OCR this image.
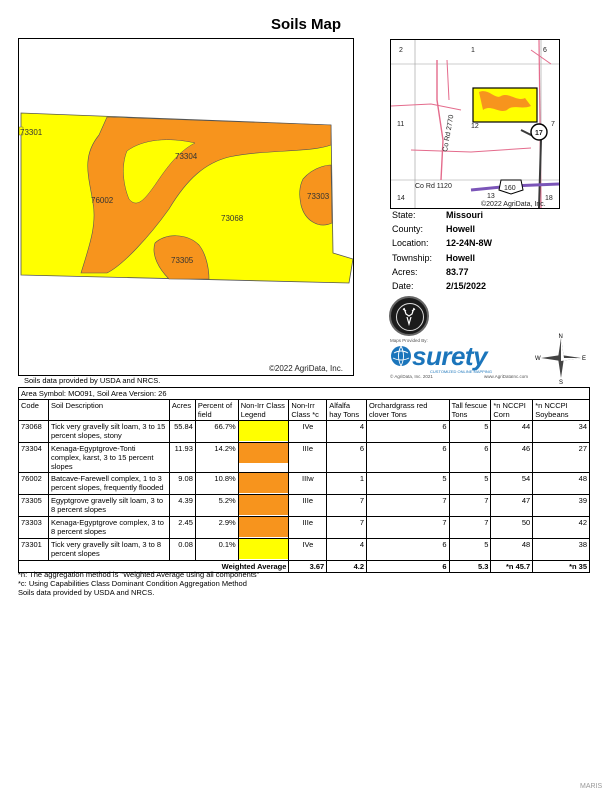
Soils Map
73301
73304
76002
73068
73305
73303
©2022 AgriData, Inc.
2	1	6
11	12	7
14	13	18
Co Rd 2770
Co Rd 1120
17
160
©2022 AgriData, Inc.
State:	Missouri
County:	Howell
Location:	12-24N-8W
Township:	Howell
Acres:	83.77
Date:	2/15/2022
Maps Provided By:
surety
CUSTOMIZED ONLINE MAPPING
© AgriData, Inc. 2021	www.AgriDataInc.com
N
S
E
W
Soils data provided by USDA and NRCS.
Area Symbol: MO091, Soil Area Version: 26										
Code	Soil Description	Acres	Percent of field	Non-Irr Class Legend	Non-Irr Class *c	Alfalfa hay Tons	Orchardgrass red clover Tons	Tall fescue Tons	*n NCCPI Corn	*n NCCPI Soybeans
73068	Tick very gravelly silt loam, 3 to 15 percent slopes, stony	55.84	66.7%		IVe	4	6	5	44	34
73304	Kenaga-Egyptgrove-Tonti complex, karst, 3 to 15 percent slopes	11.93	14.2%		IIIe	6	6	6	46	27
76002	Batcave-Farewell complex, 1 to 3 percent slopes, frequently flooded	9.08	10.8%		IIIw	1	5	5	54	48
73305	Egyptgrove gravelly silt loam, 3 to 8 percent slopes	4.39	5.2%		IIIe	7	7	7	47	39
73303	Kenaga-Egyptgrove complex, 3 to 8 percent slopes	2.45	2.9%		IIIe	7	7	7	50	42
73301	Tick very gravelly silt loam, 3 to 8 percent slopes	0.08	0.1%		IVe	4	6	5	48	38
Weighted Average					3.67	4.2	6	5.3	*n 45.7	*n 35
*n: The aggregation method is "Weighted Average using all components"
*c: Using Capabilities Class Dominant Condition Aggregation Method
Soils data provided by USDA and NRCS.
MARIS
